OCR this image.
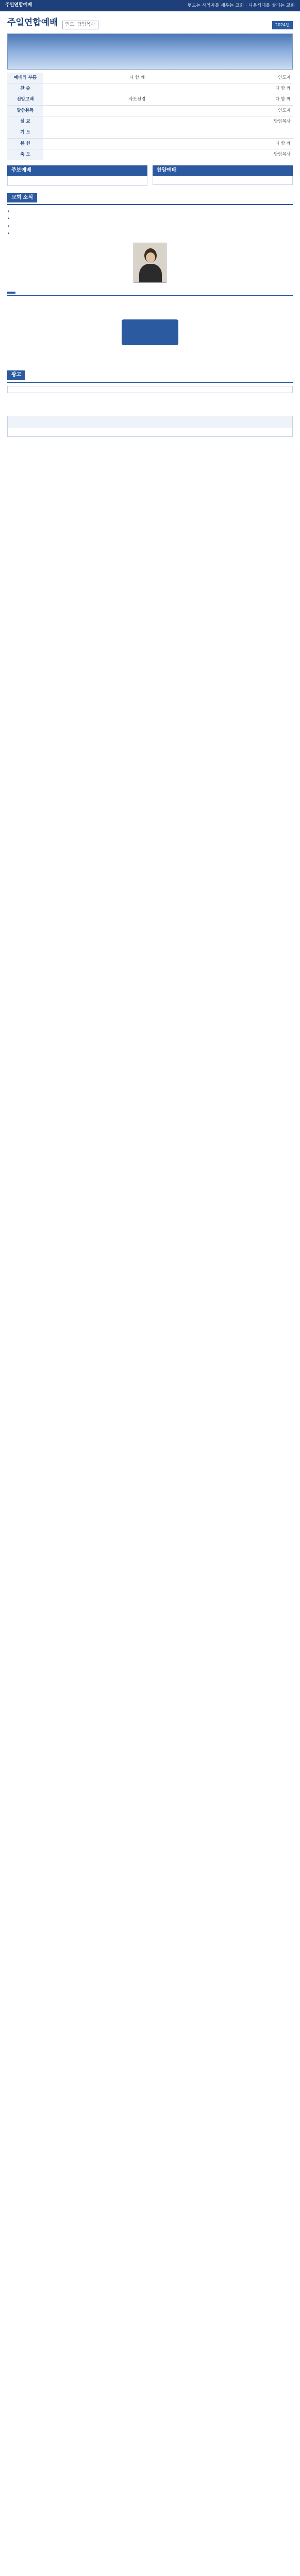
주일연합예배	행드는 사역자를 세우는 교회 · 다음세대를 살리는 교회
주일연합예배	인도: 담임목사	2024년
예배의 부름	다 함 께	인도자
찬 송		다 함 께
신앙고백	사도신경	다 함 께
말씀봉독		인도자
설 교		담임목사
기 도		
봉 헌		다 함 께
축 도		담임목사
주보예배	찬양예배
교회 소식
•
•
•
•
광고
